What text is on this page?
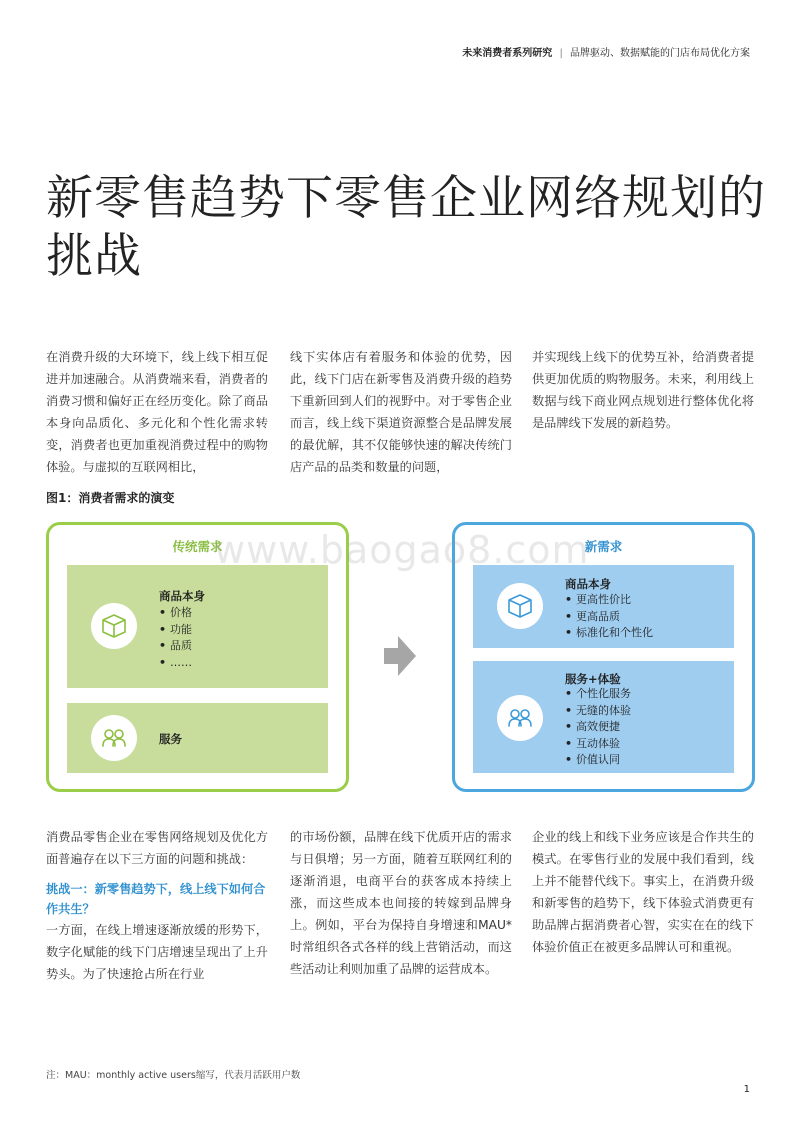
未来消费者系列研究 | 品牌驱动、数据赋能的门店布局优化方案
新零售趋势下零售企业网络规划的挑战

在消费升级的大环境下，线上线下相互促进并加速融合。从消费端来看，消费者的消费习惯和偏好正在经历变化。除了商品本身向品质化、多元化和个性化需求转变，消费者也更加重视消费过程中的购物体验。与虚拟的互联网相比，

线下实体店有着服务和体验的优势，因此，线下门店在新零售及消费升级的趋势下重新回到人们的视野中。对于零售企业而言，线上线下渠道资源整合是品牌发展的最优解，其不仅能够快速的解决传统门店产品的品类和数量的问题，

并实现线上线下的优势互补，给消费者提供更加优质的购物服务。未来，利用线上数据与线下商业网点规划进行整体优化将是品牌线下发展的新趋势。

图1：消费者需求的演变
传统需求
商品本身
• 价格
• 功能
• 品质
• ……
服务
新需求
商品本身
• 更高性价比
• 更高品质
• 标准化和个性化
服务+体验
• 个性化服务
• 无缝的体验
• 高效便捷
• 互动体验
• 价值认同
www.baogao8.com

消费品零售企业在零售网络规划及优化方面普遍存在以下三方面的问题和挑战：

挑战一：新零售趋势下，线上线下如何合作共生？

一方面，在线上增速逐渐放缓的形势下，数字化赋能的线下门店增速呈现出了上升势头。为了快速抢占所在行业

的市场份额，品牌在线下优质开店的需求与日俱增；另一方面，随着互联网红利的逐渐消退，电商平台的获客成本持续上涨，而这些成本也间接的转嫁到品牌身上。例如，平台为保持自身增速和MAU*时常组织各式各样的线上营销活动，而这些活动让利则加重了品牌的运营成本。

企业的线上和线下业务应该是合作共生的模式。在零售行业的发展中我们看到，线上并不能替代线下。事实上，在消费升级和新零售的趋势下，线下体验式消费更有助品牌占据消费者心智，实实在在的线下体验价值正在被更多品牌认可和重视。

注：MAU：monthly active users缩写，代表月活跃用户数
1
